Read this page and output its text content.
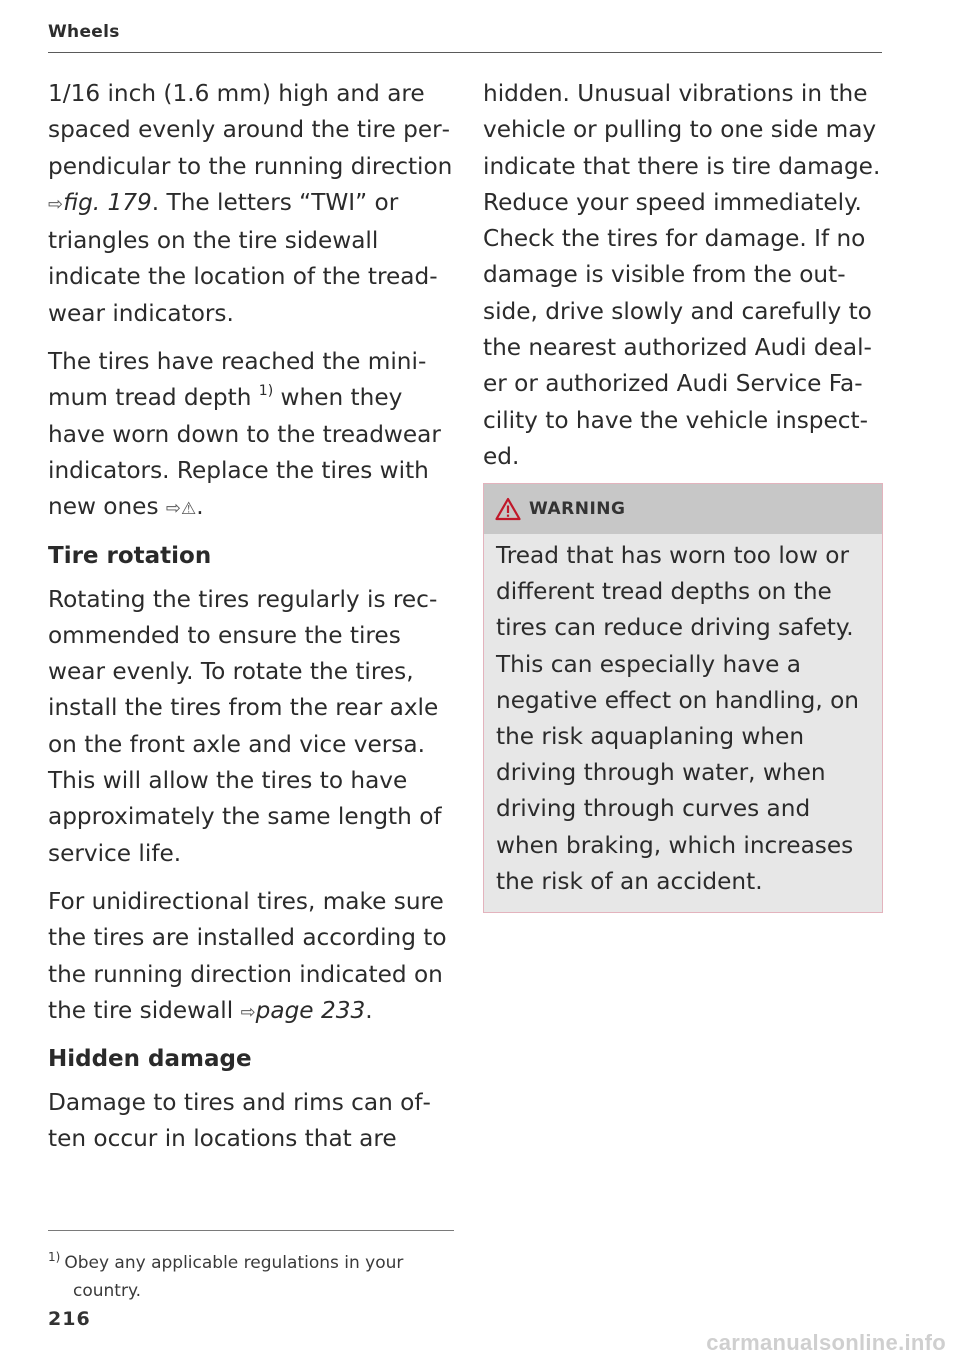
Wheels

1/16 inch (1.6 mm) high and are spaced evenly around the tire perpendicular to the running direction ⇨fig. 179. The letters “TWI” or triangles on the tire sidewall indicate the location of the treadwear indicators.

The tires have reached the minimum tread depth $^{1)}$ when they have worn down to the treadwear indicators. Replace the tires with new ones ⇨⚠.

Tire rotation

Rotating the tires regularly is recommended to ensure the tires wear evenly. To rotate the tires, install the tires from the rear axle on the front axle and vice versa. This will allow the tires to have approximately the same length of service life.

For unidirectional tires, make sure the tires are installed according to the running direction indicated on the tire sidewall ⇨page 233.

Hidden damage

Damage to tires and rims can often occur in locations that are

hidden. Unusual vibrations in the vehicle or pulling to one side may indicate that there is tire damage. Reduce your speed immediately. Check the tires for damage. If no damage is visible from the outside, drive slowly and carefully to the nearest authorized Audi dealer or authorized Audi Service Facility to have the vehicle inspected.

WARNING

Tread that has worn too low or different tread depths on the tires can reduce driving safety. This can especially have a negative effect on handling, on the risk aquaplaning when driving through water, when driving through curves and when braking, which increases the risk of an accident.

$^{1)}$ Obey any applicable regulations in your
country.
216
carmanualsonline.info
